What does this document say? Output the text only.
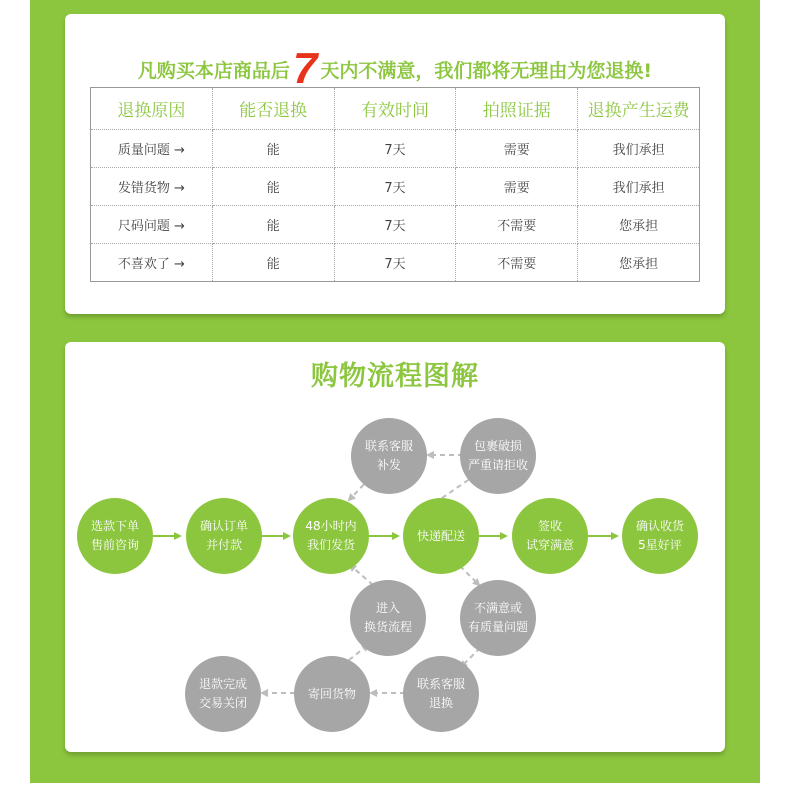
凡购买本店商品后7 天内不满意，我们都将无理由为您退换!
退换原因	能否退换	有效时间	拍照证据	退换产生运费
质量问题 →	能	7天	需要	我们承担
发错货物 →	能	7天	需要	我们承担
尺码问题 →	能	7天	不需要	您承担
不喜欢了 →	能	7天	不需要	您承担
购物流程图解
选款下单
售前咨询
确认订单
并付款
48小时内
我们发货
快递配送
签收
试穿满意
确认收货
5星好评
联系客服
补发
包裹破损
严重请拒收
进入
换货流程
不满意或
有质量问题
退款完成
交易关闭
寄回货物
联系客服
退换
